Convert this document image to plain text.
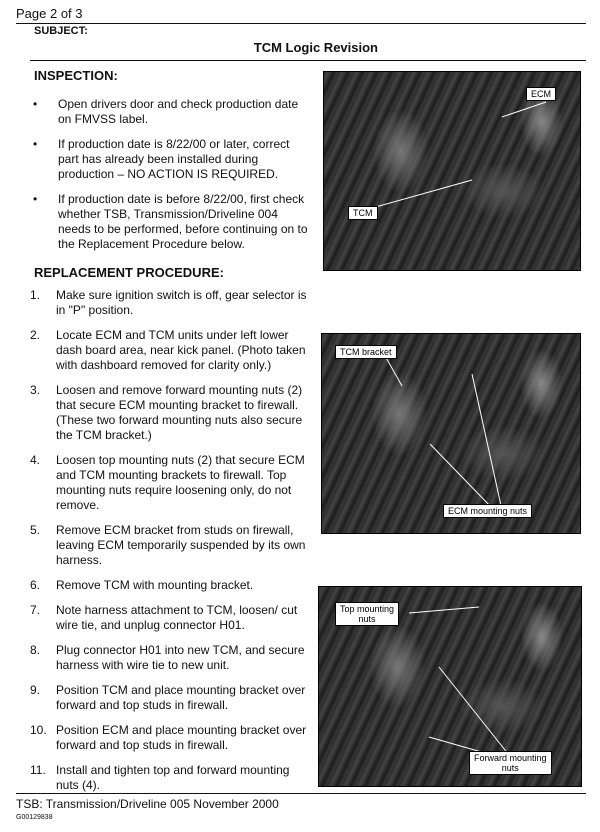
Page 2 of 3
SUBJECT:
TCM Logic Revision
INSPECTION:
• Open drivers door and check production date on FMVSS label.
• If production date is 8/22/00 or later, correct part has already been installed during production – NO ACTION IS REQUIRED.
• If production date is before 8/22/00, first check whether TSB, Transmission/Driveline 004 needs to be performed, before continuing on to the Replacement Procedure below.
REPLACEMENT PROCEDURE:
1. Make sure ignition switch is off, gear selector is in "P" position.
2. Locate ECM and TCM units under left lower dash board area, near kick panel. (Photo taken with dashboard removed for clarity only.)
3. Loosen and remove forward mounting nuts (2) that secure ECM mounting bracket to firewall. (These two forward mounting nuts also secure the TCM bracket.)
4. Loosen top mounting nuts (2) that secure ECM and TCM mounting brackets to firewall. Top mounting nuts require loosening only, do not remove.
5. Remove ECM bracket from studs on firewall, leaving ECM temporarily suspended by its own harness.
6. Remove TCM with mounting bracket.
7. Note harness attachment to TCM, loosen/ cut wire tie, and unplug connector H01.
8. Plug connector H01 into new TCM, and secure harness with wire tie to new unit.
9. Position TCM and place mounting bracket over forward and top studs in firewall.
10. Position ECM and place mounting bracket over forward and top studs in firewall.
11. Install and tighten top and forward mounting nuts (4).
ECM
TCM
TCM bracket
ECM mounting nuts
Top mounting
nuts
Forward mounting
nuts
TSB: Transmission/Driveline 005 November 2000
G00129838
